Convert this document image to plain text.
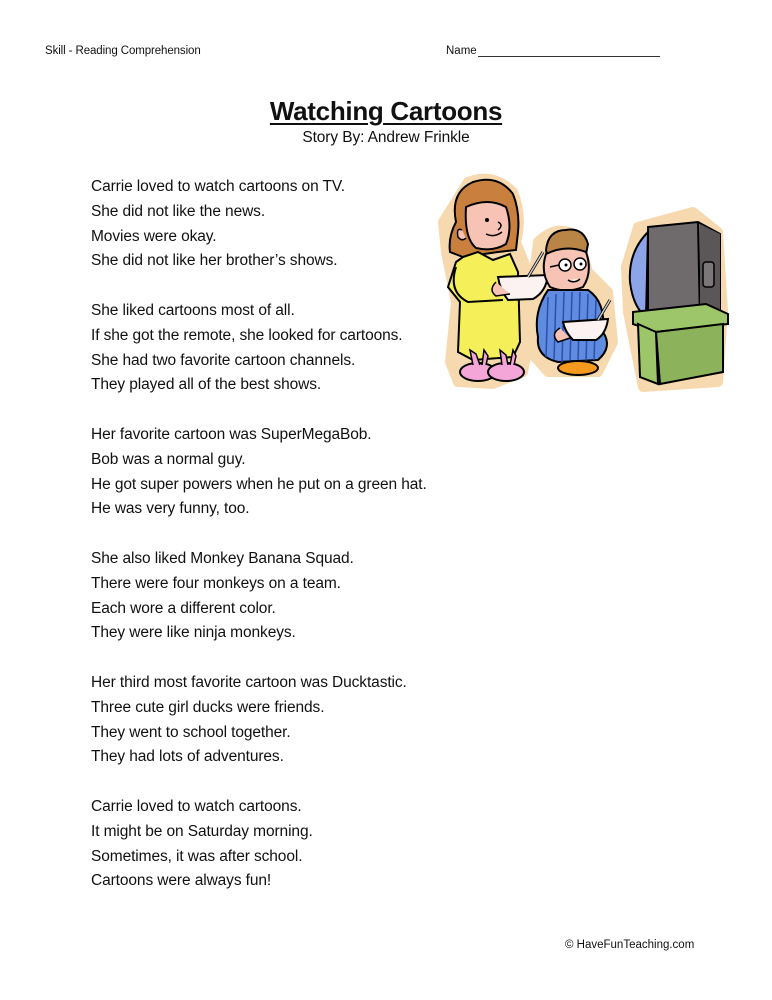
Skill - Reading Comprehension	Name
Watching Cartoons
Story By: Andrew Frinkle
Carrie loved to watch cartoons on TV.
She did not like the news.
Movies were okay.
She did not like her brother’s shows.
She liked cartoons most of all.
If she got the remote, she looked for cartoons.
She had two favorite cartoon channels.
They played all of the best shows.
Her favorite cartoon was SuperMegaBob.
Bob was a normal guy.
He got super powers when he put on a green hat.
He was very funny, too.
She also liked Monkey Banana Squad.
There were four monkeys on a team.
Each wore a different color.
They were like ninja monkeys.
Her third most favorite cartoon was Ducktastic.
Three cute girl ducks were friends.
They went to school together.
They had lots of adventures.
Carrie loved to watch cartoons.
It might be on Saturday morning.
Sometimes, it was after school.
Cartoons were always fun!
© HaveFunTeaching.com
